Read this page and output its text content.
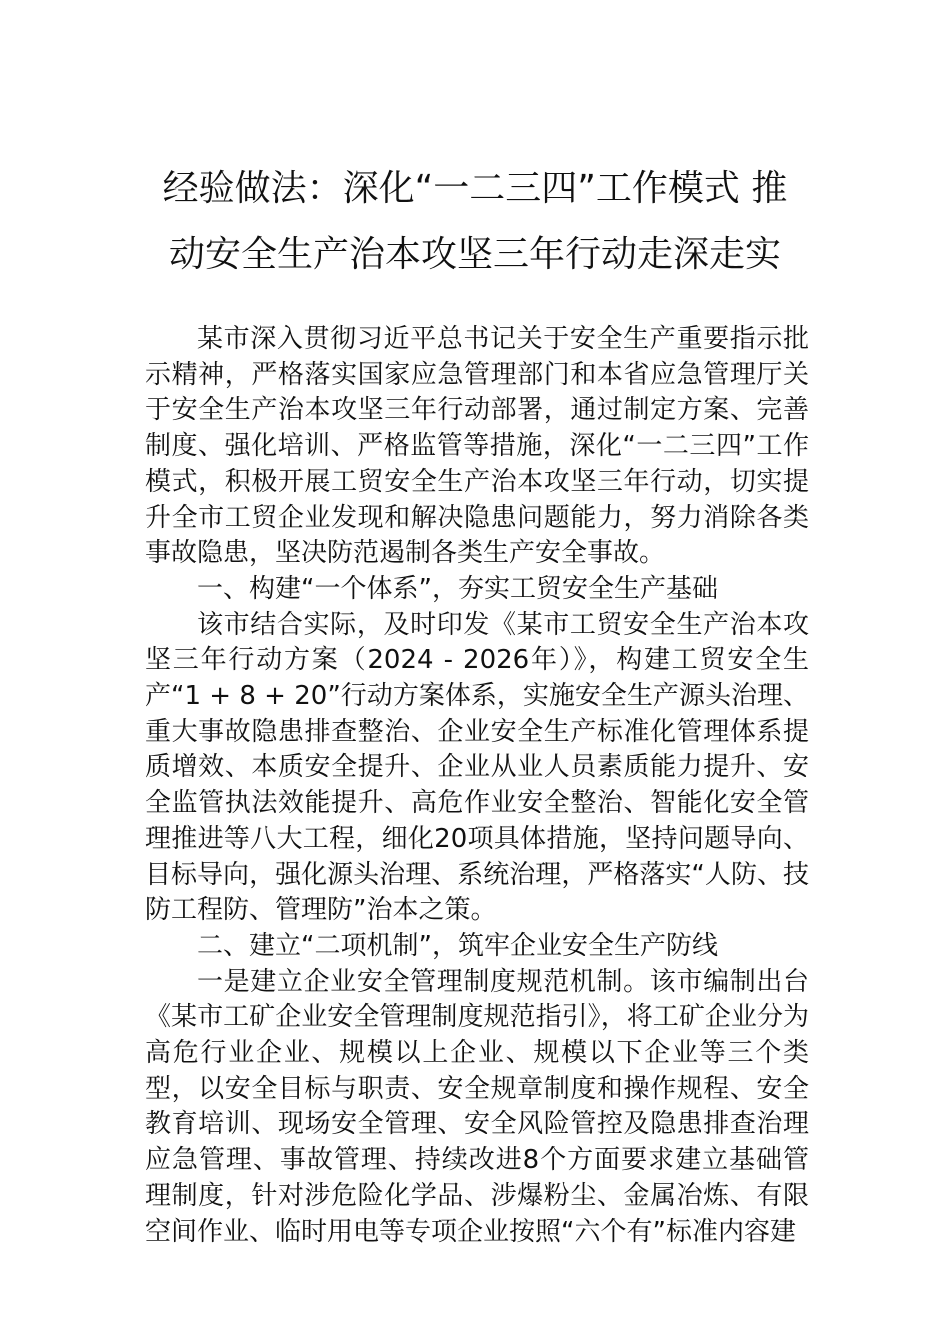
经验做法：深化“一二三四”工作模式 推
动安全生产治本攻坚三年行动走深走实

某市深入贯彻习近平总书记关于安全生产重要指示批示精神，严格落实国家应急管理部门和本省应急管理厅关于安全生产治本攻坚三年行动部署，通过制定方案、完善制度、强化培训、严格监管等措施，深化“一二三四”工作模式，积极开展工贸安全生产治本攻坚三年行动，切实提升全市工贸企业发现和解决隐患问题能力，努力消除各类事故隐患，坚决防范遏制各类生产安全事故。

一、构建“一个体系”，夯实工贸安全生产基础

该市结合实际，及时印发《某市工贸安全生产治本攻坚三年行动方案（2024 - 2026年）》，构建工贸安全生产“1 + 8 + 20”行动方案体系，实施安全生产源头治理、重大事故隐患排查整治、企业安全生产标准化管理体系提质增效、本质安全提升、企业从业人员素质能力提升、安全监管执法效能提升、高危作业安全整治、智能化安全管理推进等八大工程，细化20项具体措施，坚持问题导向、目标导向，强化源头治理、系统治理，严格落实“人防、技防工程防、管理防”治本之策。

二、建立“二项机制”，筑牢企业安全生产防线

一是建立企业安全管理制度规范机制。该市编制出台《某市工矿企业安全管理制度规范指引》，将工矿企业分为高危行业企业、规模以上企业、规模以下企业等三个类型，以安全目标与职责、安全规章制度和操作规程、安全教育培训、现场安全管理、安全风险管控及隐患排查治理应急管理、事故管理、持续改进8个方面要求建立基础管理制度，针对涉危险化学品、涉爆粉尘、金属冶炼、有限空间作业、临时用电等专项企业按照“六个有”标准内容建
